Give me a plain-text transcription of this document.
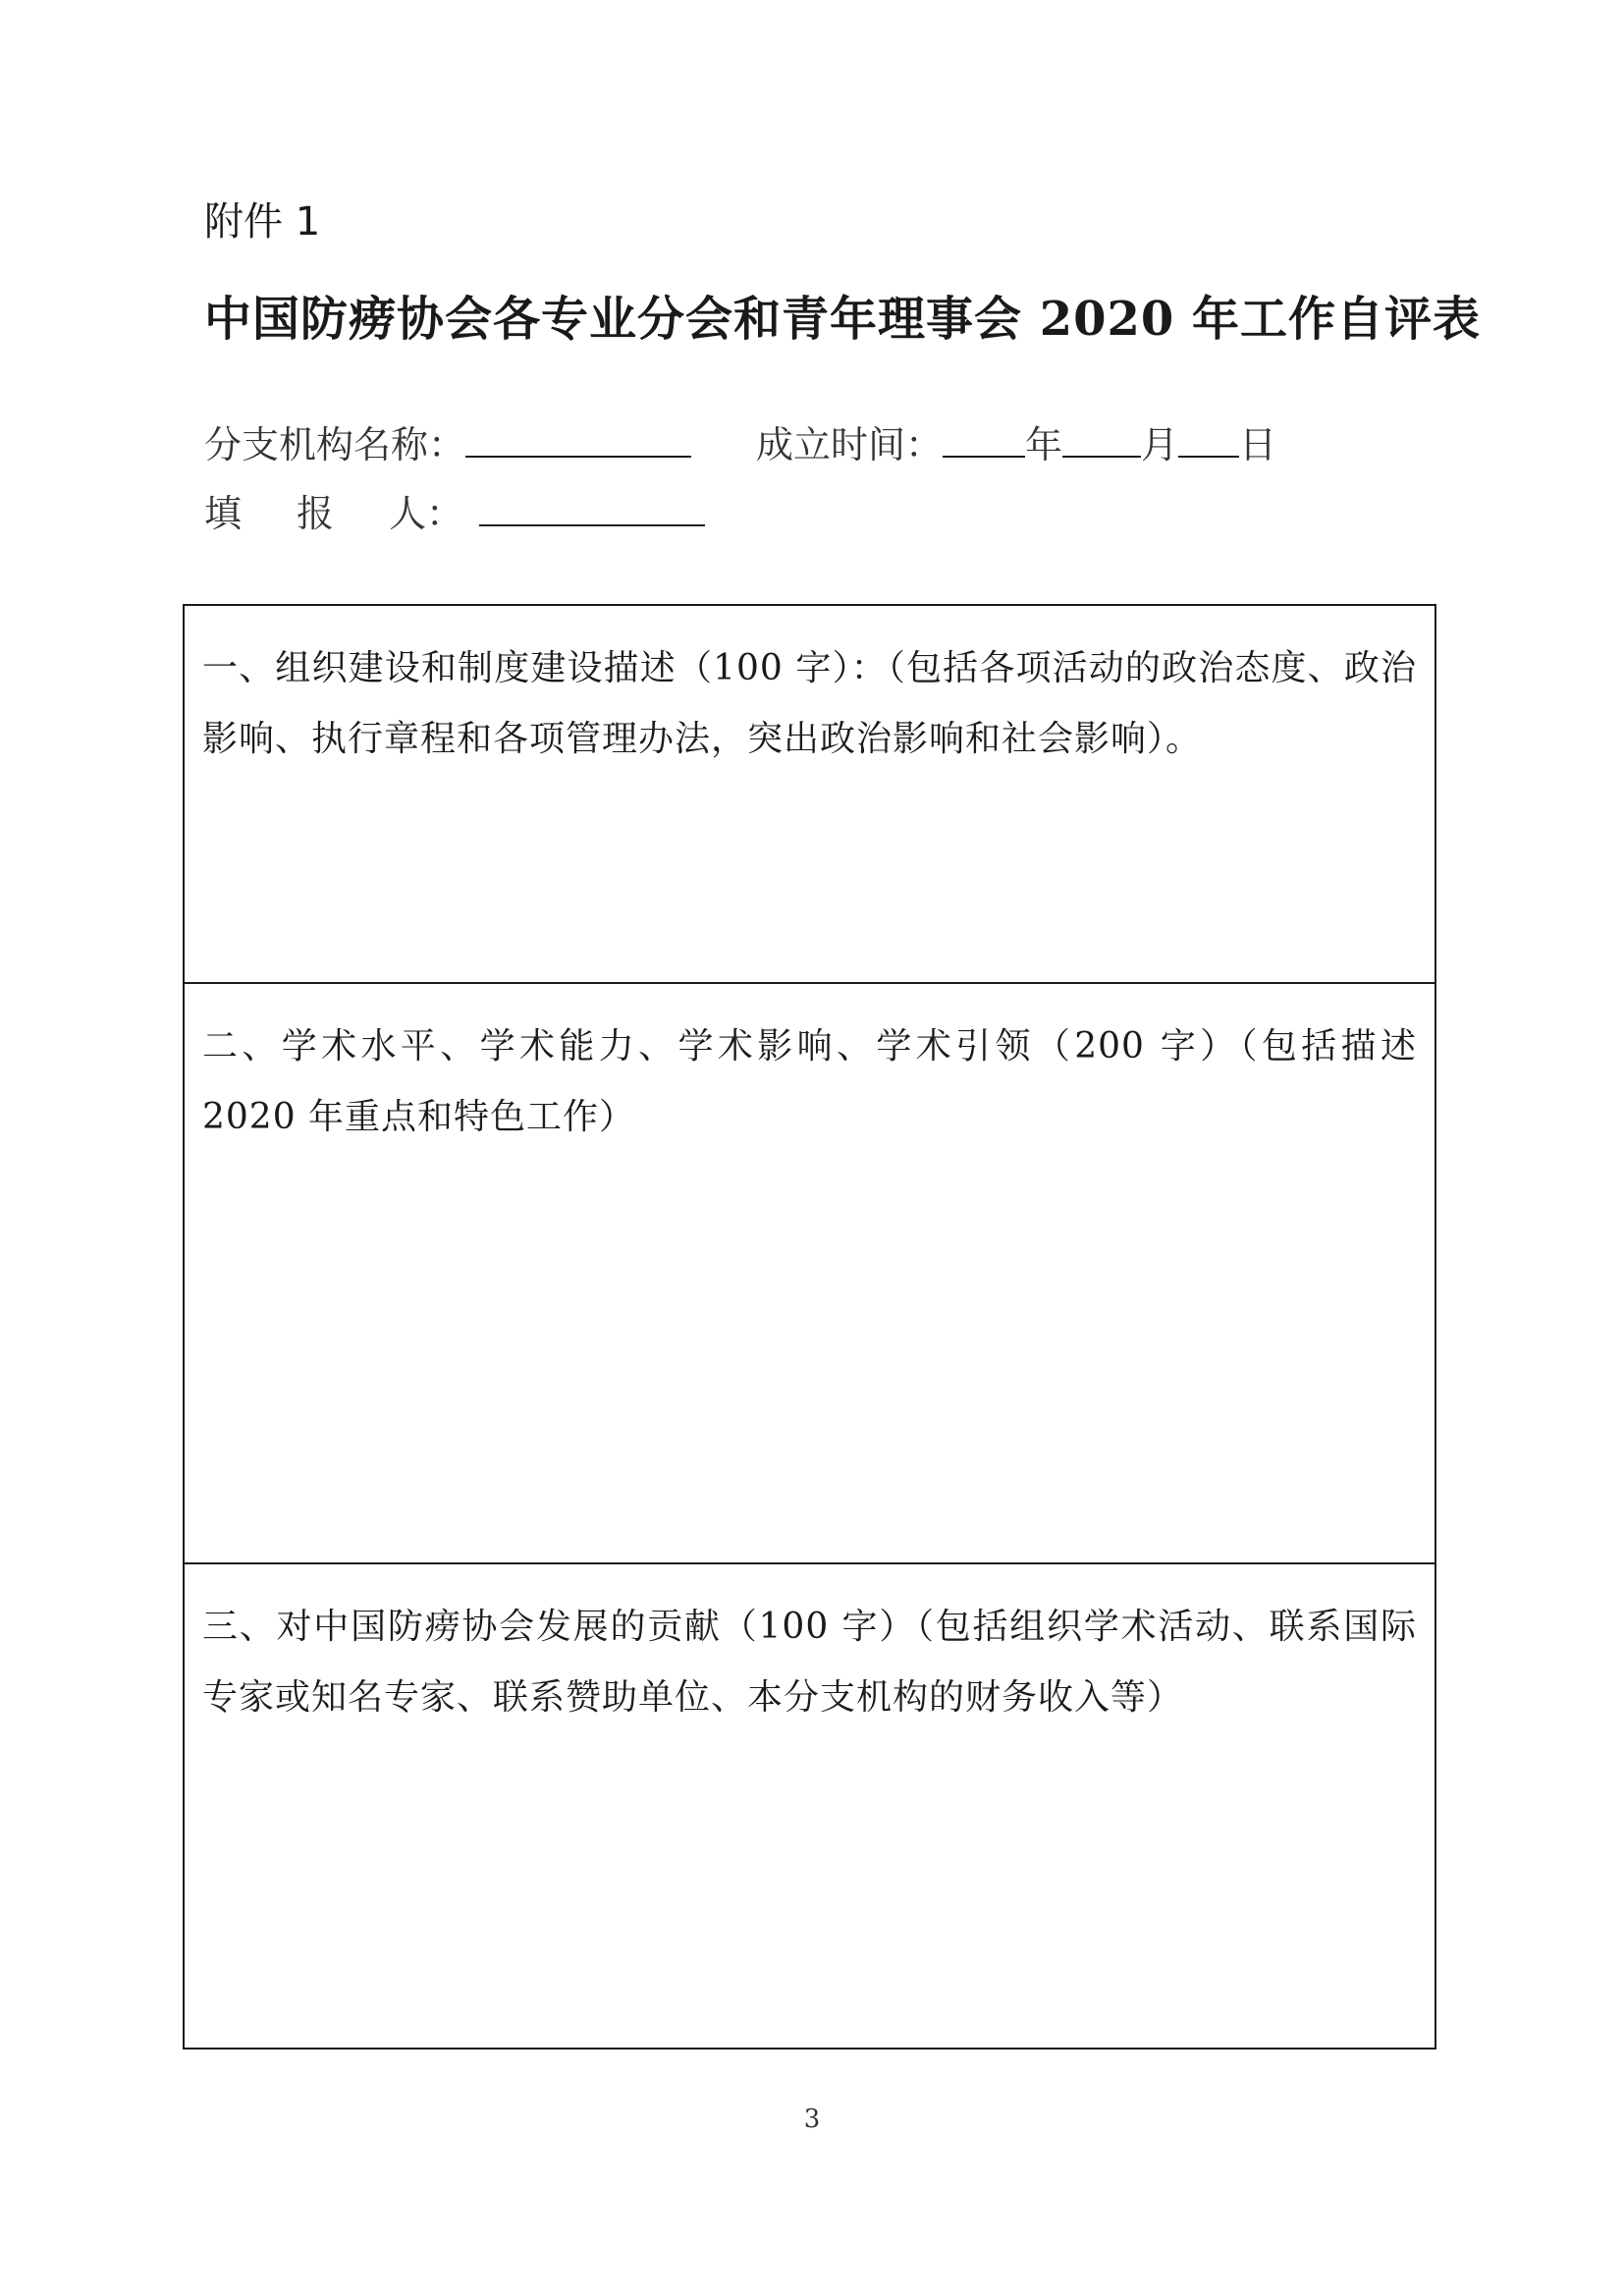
附件 1
中国防痨协会各专业分会和青年理事会 2020 年工作自评表
分支机构名称：	成立时间： 年 月 日
填 报 人：
一、组织建设和制度建设描述（100 字）：（包括各项活动的政治态度、政治影响、执行章程和各项管理办法，突出政治影响和社会影响）。
二、学术水平、学术能力、学术影响、学术引领（200 字）（包括描述 2020 年重点和特色工作）
三、对中国防痨协会发展的贡献（100 字）（包括组织学术活动、联系国际专家或知名专家、联系赞助单位、本分支机构的财务收入等）
3
